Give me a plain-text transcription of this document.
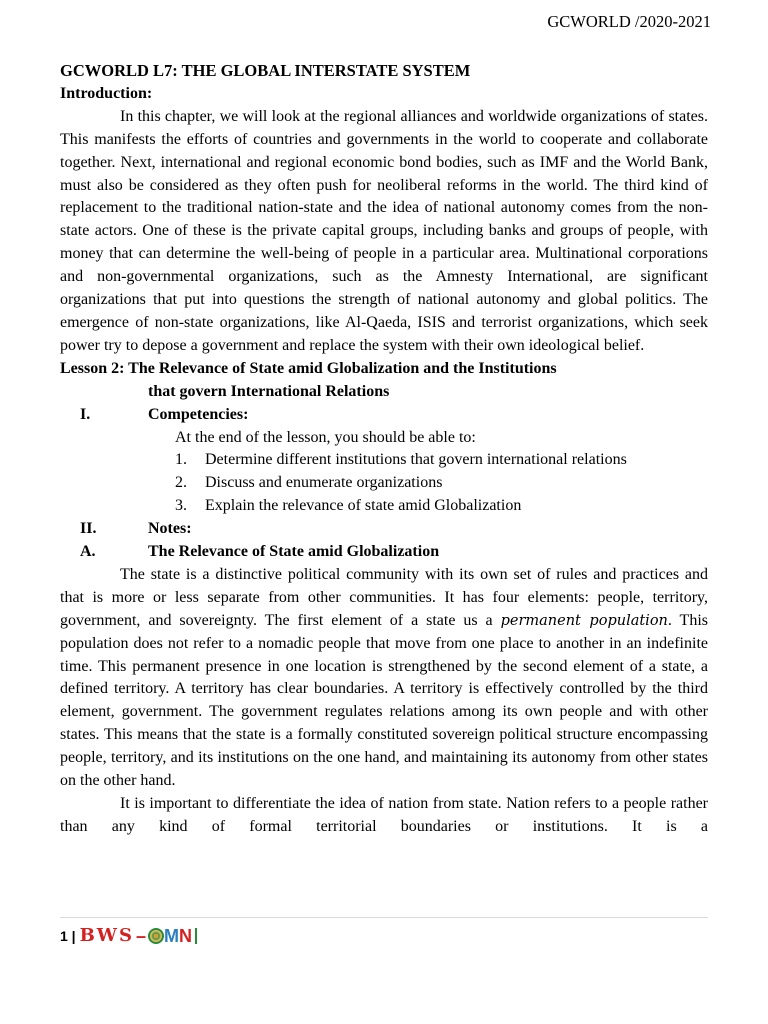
GCWORLD /2020-2021

GCWORLD L7: THE GLOBAL INTERSTATE SYSTEM

Introduction:

In this chapter, we will look at the regional alliances and worldwide organizations of states. This manifests the efforts of countries and governments in the world to cooperate and collaborate together. Next, international and regional economic bond bodies, such as IMF and the World Bank, must also be considered as they often push for neoliberal reforms in the world. The third kind of replacement to the traditional nation-state and the idea of national autonomy comes from the non-state actors. One of these is the private capital groups, including banks and groups of people, with money that can determine the well-being of people in a particular area. Multinational corporations and non-governmental organizations, such as the Amnesty International, are significant organizations that put into questions the strength of national autonomy and global politics. The emergence of non-state organizations, like Al-Qaeda, ISIS and terrorist organizations, which seek power try to depose a government and replace the system with their own ideological belief.

Lesson 2: The Relevance of State amid Globalization and the Institutions

that govern International Relations

I.	Competencies:

At the end of the lesson, you should be able to:

1.	Determine different institutions that govern international relations
2.	Discuss and enumerate organizations
3.	Explain the relevance of state amid Globalization
II.	Notes:
A.	The Relevance of State amid Globalization

The state is a distinctive political community with its own set of rules and practices and that is more or less separate from other communities. It has four elements: people, territory, government, and sovereignty. The first element of a state us a permanent population. This population does not refer to a nomadic people that move from one place to another in an indefinite time. This permanent presence in one location is strengthened by the second element of a state, a defined territory. A territory has clear boundaries. A territory is effectively controlled by the third element, government. The government regulates relations among its own people and with other states. This means that the state is a formally constituted sovereign political structure encompassing people, territory, and its institutions on the one hand, and maintaining its autonomy from other states on the other hand.

It is important to differentiate the idea of nation from state. Nation refers to a people rather than any kind of formal territorial boundaries or institutions. It is a

1 | BWS – M N
